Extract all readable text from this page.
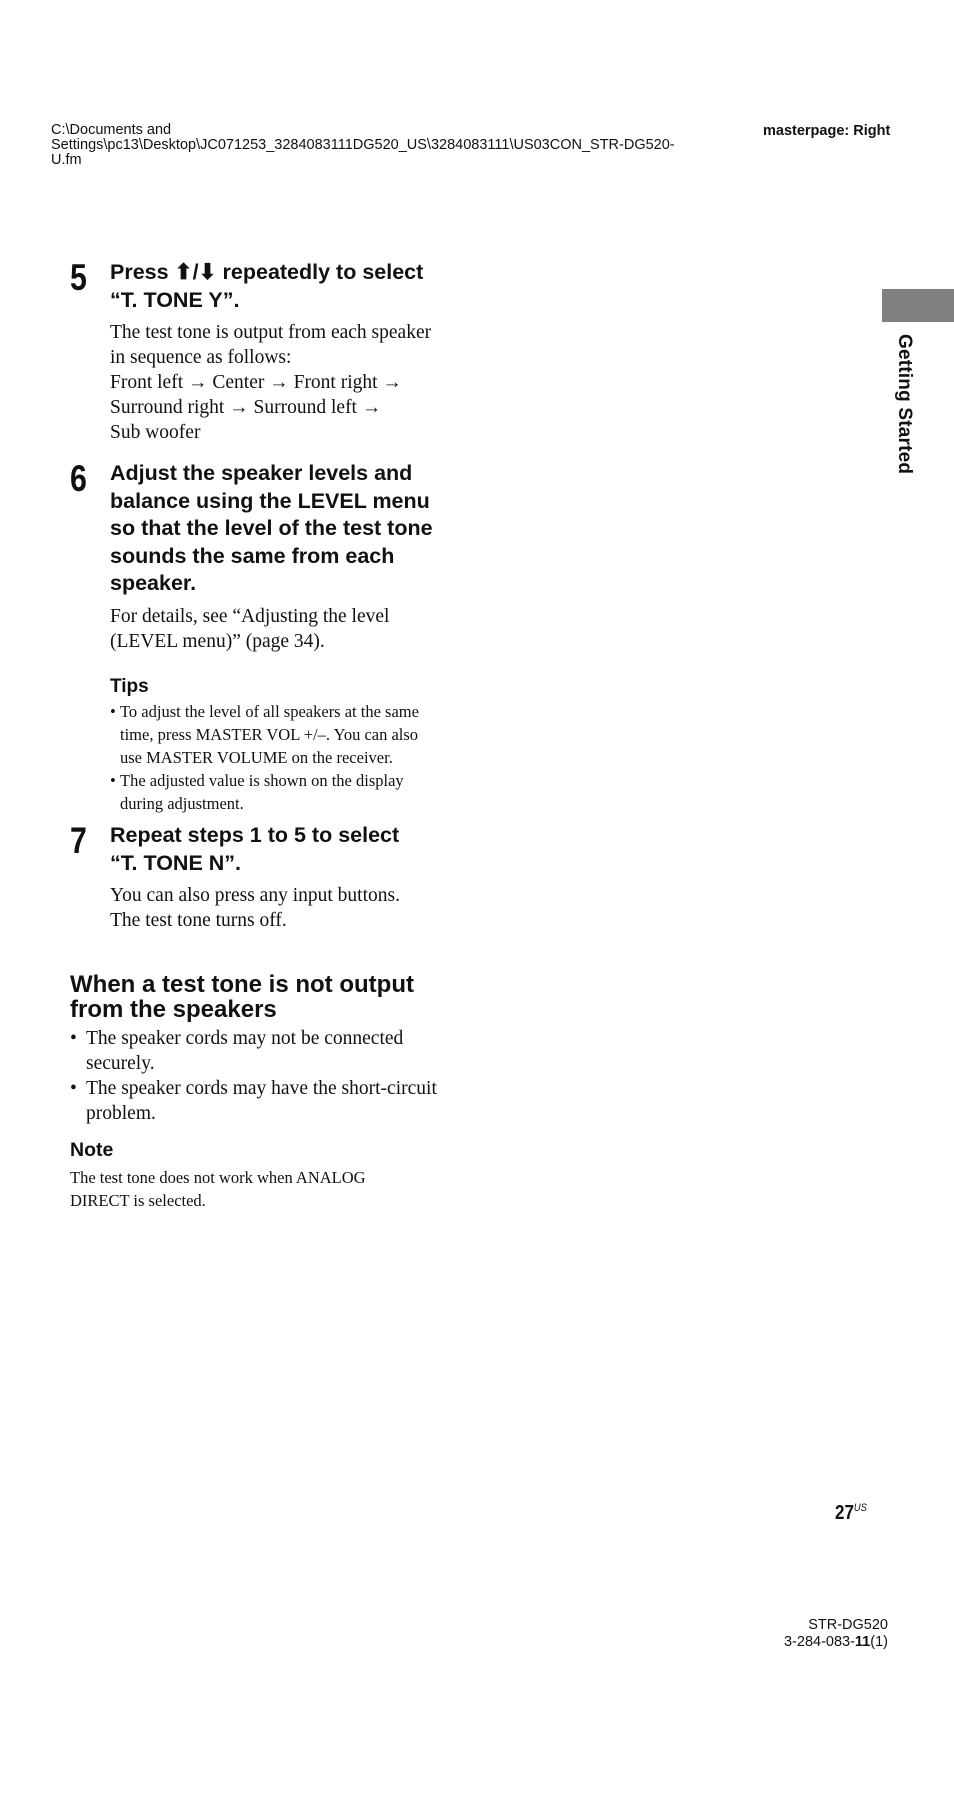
C:\Documents and
Settings\pc13\Desktop\JC071253_3284083111DG520_US\3284083111\US03CON_STR-DG520-
U.fm
masterpage: Right
Getting Started
5 Press ⬆/⬇ repeatedly to select
“T. TONE Y”.
The test tone is output from each speaker
in sequence as follows:
Front left → Center → Front right →
Surround right → Surround left →
Sub woofer
6 Adjust the speaker levels and
balance using the LEVEL menu
so that the level of the test tone
sounds the same from each
speaker.
For details, see “Adjusting the level
(LEVEL menu)” (page 34).
Tips
• To adjust the level of all speakers at the same
time, press MASTER VOL +/–. You can also
use MASTER VOLUME on the receiver.
• The adjusted value is shown on the display
during adjustment.
7 Repeat steps 1 to 5 to select
“T. TONE N”.
You can also press any input buttons.
The test tone turns off.
When a test tone is not output
from the speakers
• The speaker cords may not be connected
securely.
• The speaker cords may have the short-circuit
problem.
Note
The test tone does not work when ANALOG
DIRECT is selected.
$27^{US}$
STR-DG520
3-284-083-11(1)
